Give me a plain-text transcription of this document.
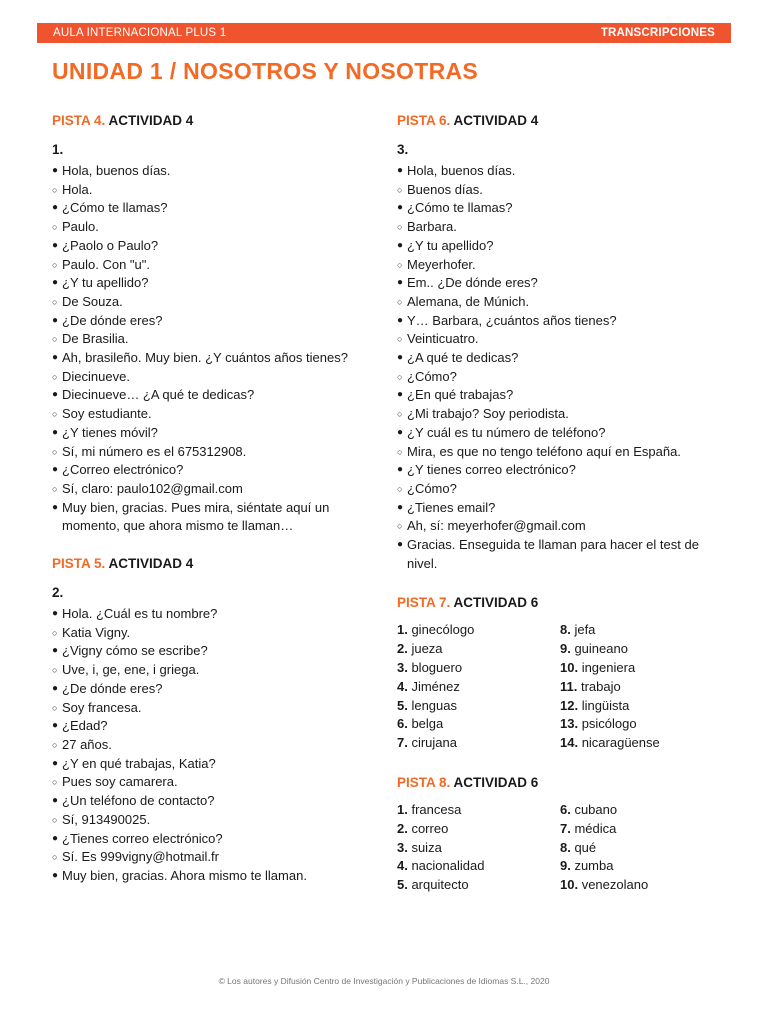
AULA INTERNACIONAL PLUS 1	TRANSCRIPCIONES
UNIDAD 1 / NOSOTROS Y NOSOTRAS
PISTA 4. ACTIVIDAD 4
1.
● Hola, buenos días.
○ Hola.
● ¿Cómo te llamas?
○ Paulo.
● ¿Paolo o Paulo?
○ Paulo. Con "u".
● ¿Y tu apellido?
○ De Souza.
● ¿De dónde eres?
○ De Brasilia.
● Ah, brasileño. Muy bien. ¿Y cuántos años tienes?
○ Diecinueve.
● Diecinueve… ¿A qué te dedicas?
○ Soy estudiante.
● ¿Y tienes móvil?
○ Sí, mi número es el 675312908.
● ¿Correo electrónico?
○ Sí, claro: paulo102@gmail.com
● Muy bien, gracias. Pues mira, siéntate aquí un momento, que ahora mismo te llaman…
PISTA 5. ACTIVIDAD 4
2.
● Hola. ¿Cuál es tu nombre?
○ Katia Vigny.
● ¿Vigny cómo se escribe?
○ Uve, i, ge, ene, i griega.
● ¿De dónde eres?
○ Soy francesa.
● ¿Edad?
○ 27 años.
● ¿Y en qué trabajas, Katia?
○ Pues soy camarera.
● ¿Un teléfono de contacto?
○ Sí, 913490025.
● ¿Tienes correo electrónico?
○ Sí. Es 999vigny@hotmail.fr
● Muy bien, gracias. Ahora mismo te llaman.
PISTA 6. ACTIVIDAD 4
3.
● Hola, buenos días.
○ Buenos días.
● ¿Cómo te llamas?
○ Barbara.
● ¿Y tu apellido?
○ Meyerhofer.
● Em.. ¿De dónde eres?
○ Alemana, de Múnich.
● Y… Barbara, ¿cuántos años tienes?
○ Veinticuatro.
● ¿A qué te dedicas?
○ ¿Cómo?
● ¿En qué trabajas?
○ ¿Mi trabajo? Soy periodista.
● ¿Y cuál es tu número de teléfono?
○ Mira, es que no tengo teléfono aquí en España.
● ¿Y tienes correo electrónico?
○ ¿Cómo?
● ¿Tienes email?
○ Ah, sí: meyerhofer@gmail.com
● Gracias. Enseguida te llaman para hacer el test de nivel.
PISTA 7. ACTIVIDAD 6
1. ginecólogo
2. jueza
3. bloguero
4. Jiménez
5. lenguas
6. belga
7. cirujana
8. jefa
9. guineano
10. ingeniera
11. trabajo
12. lingüista
13. psicólogo
14. nicaragüense
PISTA 8. ACTIVIDAD 6
1. francesa
2. correo
3. suiza
4. nacionalidad
5. arquitecto
6. cubano
7. médica
8. qué
9. zumba
10. venezolano
© Los autores y Difusión Centro de Investigación y Publicaciones de Idiomas S.L., 2020
